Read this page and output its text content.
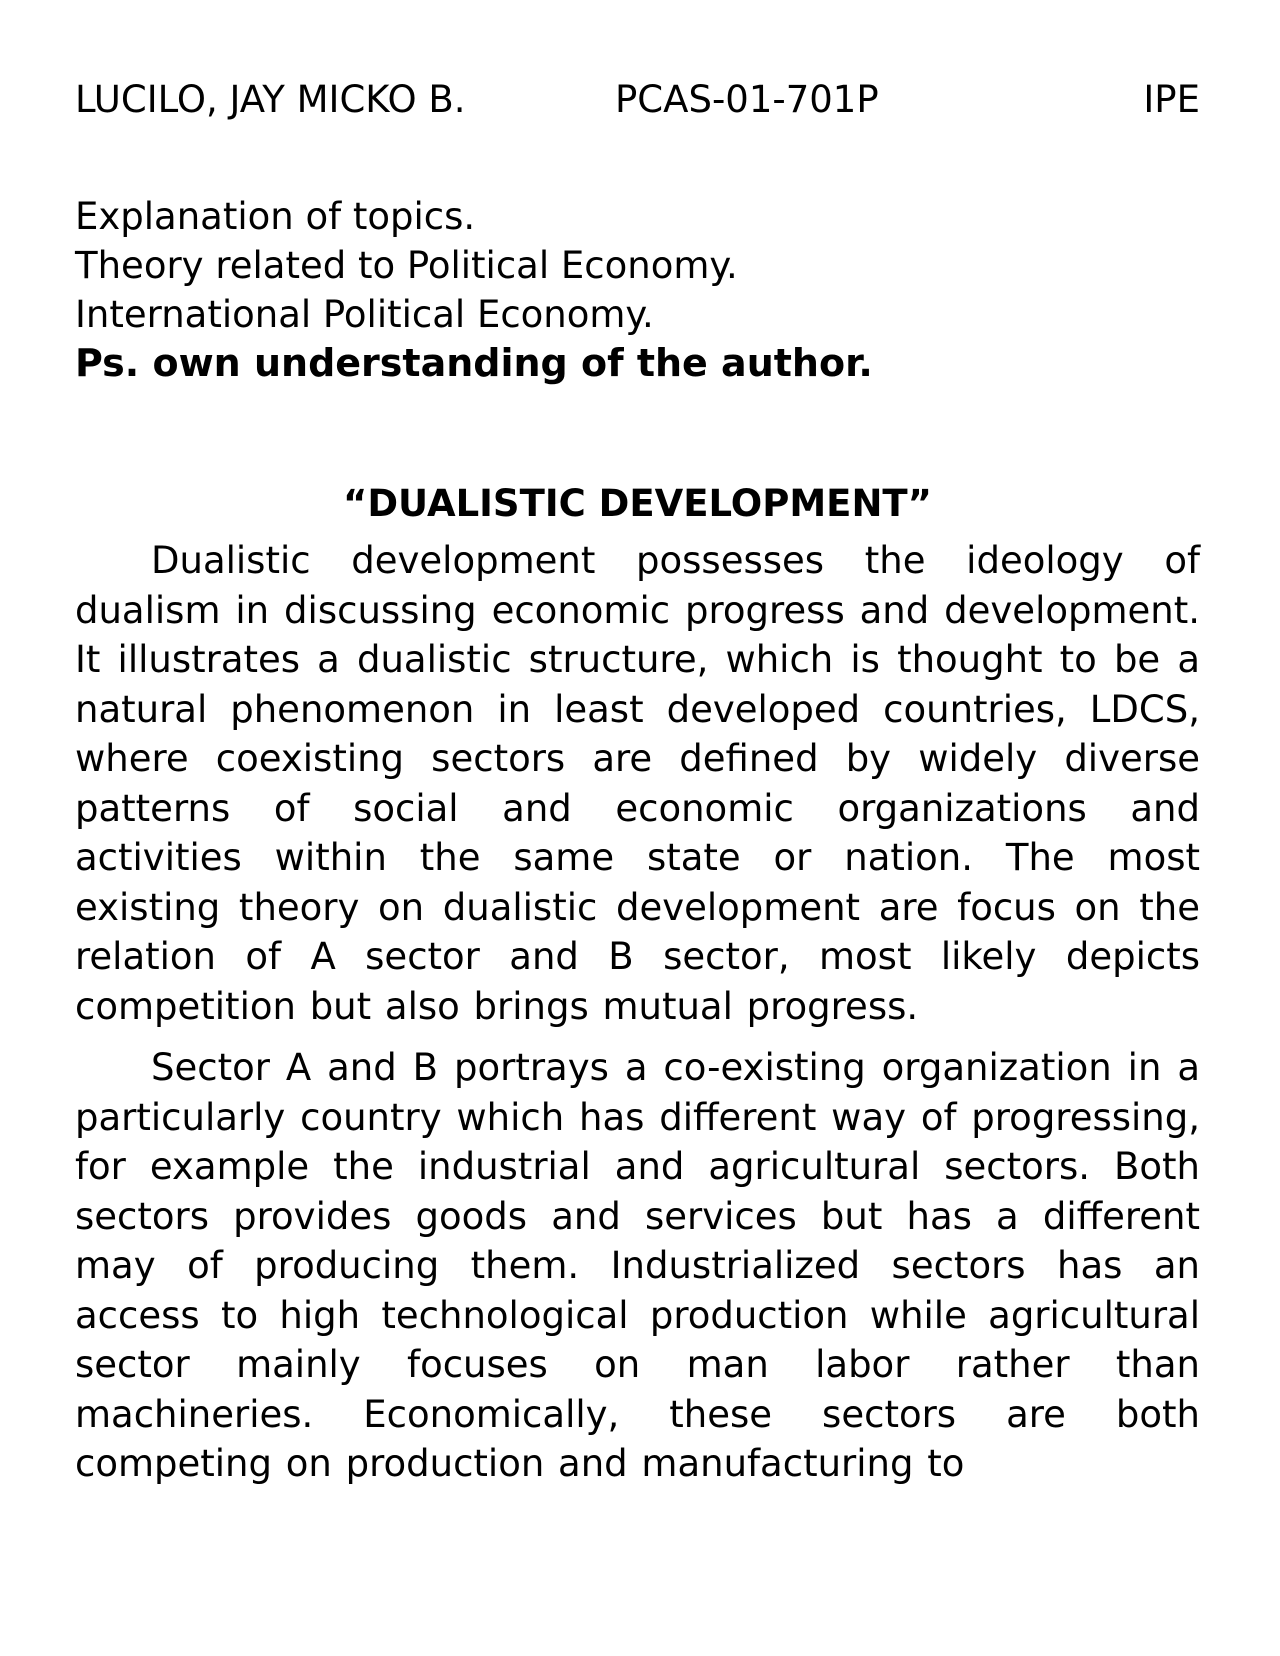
LUCILO, JAY MICKO B.	PCAS-01-701P	IPE
Explanation of topics.
Theory related to Political Economy.
International Political Economy.
Ps. own understanding of the author.
“DUALISTIC DEVELOPMENT”

Dualistic development possesses the ideology of dualism in discussing economic progress and development. It illustrates a dualistic structure, which is thought to be a natural phenomenon in least developed countries, LDCS, where coexisting sectors are defined by widely diverse patterns of social and economic organizations and activities within the same state or nation. The most existing theory on dualistic development are focus on the relation of A sector and B sector, most likely depicts competition but also brings mutual progress.

Sector A and B portrays a co-existing organization in a particularly country which has different way of progressing, for example the industrial and agricultural sectors. Both sectors provides goods and services but has a different may of producing them. Industrialized sectors has an access to high technological production while agricultural sector mainly focuses on man labor rather than machineries. Economically, these sectors are both competing on production and manufacturing to
